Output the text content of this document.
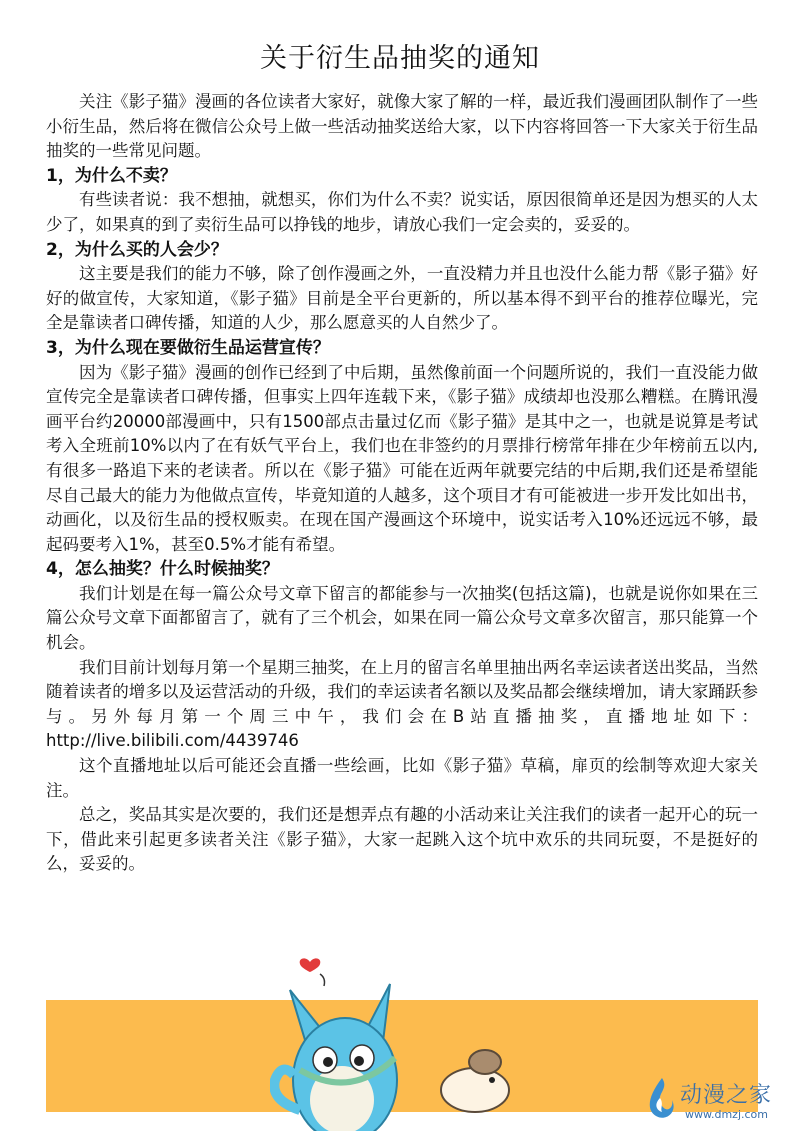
关于衍生品抽奖的通知

关注《影子猫》漫画的各位读者大家好，就像大家了解的一样，最近我们漫画团队制作了一些小衍生品，然后将在微信公众号上做一些活动抽奖送给大家，以下内容将回答一下大家关于衍生品抽奖的一些常见问题。

1，为什么不卖？

有些读者说：我不想抽，就想买，你们为什么不卖？说实话，原因很简单还是因为想买的人太少了，如果真的到了卖衍生品可以挣钱的地步，请放心我们一定会卖的，妥妥的。

2，为什么买的人会少？

这主要是我们的能力不够，除了创作漫画之外，一直没精力并且也没什么能力帮《影子猫》好好的做宣传，大家知道，《影子猫》目前是全平台更新的，所以基本得不到平台的推荐位曝光，完全是靠读者口碑传播，知道的人少，那么愿意买的人自然少了。

3，为什么现在要做衍生品运营宣传？

因为《影子猫》漫画的创作已经到了中后期，虽然像前面一个问题所说的，我们一直没能力做宣传完全是靠读者口碑传播，但事实上四年连载下来，《影子猫》成绩却也没那么糟糕。在腾讯漫画平台约20000部漫画中，只有1500部点击量过亿而《影子猫》是其中之一，也就是说算是考试考入全班前10%以内了在有妖气平台上，我们也在非签约的月票排行榜常年排在少年榜前五以内,有很多一路追下来的老读者。所以在《影子猫》可能在近两年就要完结的中后期,我们还是希望能尽自己最大的能力为他做点宣传，毕竟知道的人越多，这个项目才有可能被进一步开发比如出书，动画化，以及衍生品的授权贩卖。在现在国产漫画这个环境中，说实话考入10%还远远不够，最起码要考入1%，甚至0.5%才能有希望。

4，怎么抽奖？什么时候抽奖？

我们计划是在每一篇公众号文章下留言的都能参与一次抽奖(包括这篇)，也就是说你如果在三篇公众号文章下面都留言了，就有了三个机会，如果在同一篇公众号文章多次留言，那只能算一个机会。

我们目前计划每月第一个星期三抽奖，在上月的留言名单里抽出两名幸运读者送出奖品，当然随着读者的增多以及运营活动的升级，我们的幸运读者名额以及奖品都会继续增加，请大家踊跃参与。另外每月第一个周三中午，我们会在B站直播抽奖，直播地址如下：http://live.bilibili.com/4439746

这个直播地址以后可能还会直播一些绘画，比如《影子猫》草稿，扉页的绘制等欢迎大家关注。

总之，奖品其实是次要的，我们还是想弄点有趣的小活动来让关注我们的读者一起开心的玩一下，借此来引起更多读者关注《影子猫》，大家一起跳入这个坑中欢乐的共同玩耍，不是挺好的么，妥妥的。

动漫之家
www.dmzj.com
